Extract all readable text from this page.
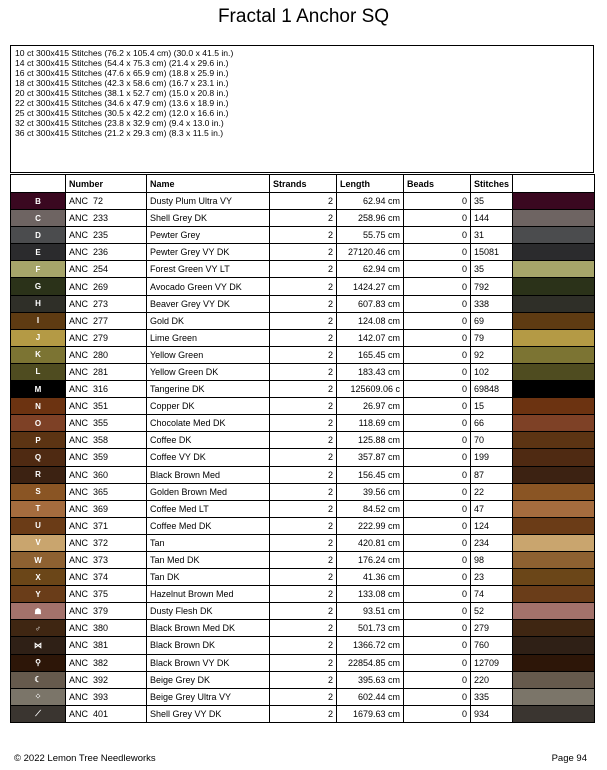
Fractal 1 Anchor SQ
10 ct 300x415 Stitches (76.2 x 105.4 cm) (30.0 x 41.5 in.)
14 ct 300x415 Stitches (54.4 x 75.3 cm) (21.4 x 29.6 in.)
16 ct 300x415 Stitches (47.6 x 65.9 cm) (18.8 x 25.9 in.)
18 ct 300x415 Stitches (42.3 x 58.6 cm) (16.7 x 23.1 in.)
20 ct 300x415 Stitches (38.1 x 52.7 cm) (15.0 x 20.8 in.)
22 ct 300x415 Stitches (34.6 x 47.9 cm) (13.6 x 18.9 in.)
25 ct 300x415 Stitches (30.5 x 42.2 cm) (12.0 x 16.6 in.)
32 ct 300x415 Stitches (23.8 x 32.9 cm) (9.4 x 13.0 in.)
36 ct 300x415 Stitches (21.2 x 29.3 cm) (8.3 x 11.5 in.)
	Number	Name	Strands	Length	Beads	Stitches	
B	ANC 72	Dusty Plum Ultra VY	2	62.94 cm	0	35	
C	ANC 233	Shell Grey DK	2	258.96 cm	0	144	
D	ANC 235	Pewter Grey	2	55.75 cm	0	31	
E	ANC 236	Pewter Grey VY DK	2	27120.46 cm	0	15081	
F	ANC 254	Forest Green VY LT	2	62.94 cm	0	35	
G	ANC 269	Avocado Green VY DK	2	1424.27 cm	0	792	
H	ANC 273	Beaver Grey VY DK	2	607.83 cm	0	338	
I	ANC 277	Gold DK	2	124.08 cm	0	69	
J	ANC 279	Lime Green	2	142.07 cm	0	79	
K	ANC 280	Yellow Green	2	165.45 cm	0	92	
L	ANC 281	Yellow Green DK	2	183.43 cm	0	102	
M	ANC 316	Tangerine DK	2	125609.06 c	0	69848	
N	ANC 351	Copper DK	2	26.97 cm	0	15	
O	ANC 355	Chocolate Med DK	2	118.69 cm	0	66	
P	ANC 358	Coffee DK	2	125.88 cm	0	70	
Q	ANC 359	Coffee VY DK	2	357.87 cm	0	199	
R	ANC 360	Black Brown Med	2	156.45 cm	0	87	
S	ANC 365	Golden Brown Med	2	39.56 cm	0	22	
T	ANC 369	Coffee Med LT	2	84.52 cm	0	47	
U	ANC 371	Coffee Med DK	2	222.99 cm	0	124	
V	ANC 372	Tan	2	420.81 cm	0	234	
W	ANC 373	Tan Med DK	2	176.24 cm	0	98	
X	ANC 374	Tan DK	2	41.36 cm	0	23	
Y	ANC 375	Hazelnut Brown Med	2	133.08 cm	0	74	
☗	ANC 379	Dusty Flesh DK	2	93.51 cm	0	52	
♂	ANC 380	Black Brown Med DK	2	501.73 cm	0	279	
⋈	ANC 381	Black Brown DK	2	1366.72 cm	0	760	
⚲	ANC 382	Black Brown VY DK	2	22854.85 cm	0	12709	
☾	ANC 392	Beige Grey DK	2	395.63 cm	0	220	
⁘	ANC 393	Beige Grey Ultra VY	2	602.44 cm	0	335	
⟋	ANC 401	Shell Grey VY DK	2	1679.63 cm	0	934	
© 2022 Lemon Tree Needleworks	Page 94
